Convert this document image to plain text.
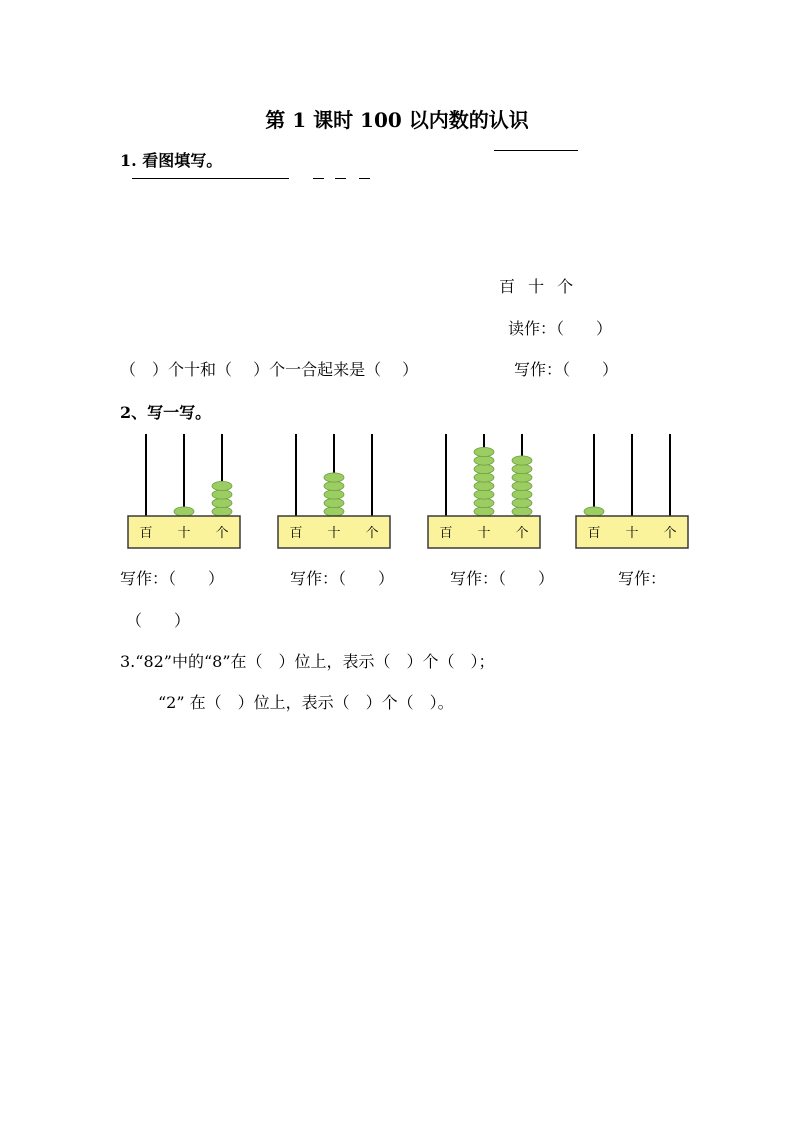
第 1 课时 100 以内数的认识
1. 看图填写。
百 十 个
读作：（　　）
（　）个十和（　 ）个一合起来是（　 ）	写作：（　　）
2、写一写。
百 十 个	百 十 个	百 十 个	百 十 个
写作：（　　）	写作：（　　）	写作：（　　）	写作：
（　　）
3.“82”中的“8”在（　）位上，表示（　）个（　）；
“2” 在（　）位上，表示（　）个（　）。
